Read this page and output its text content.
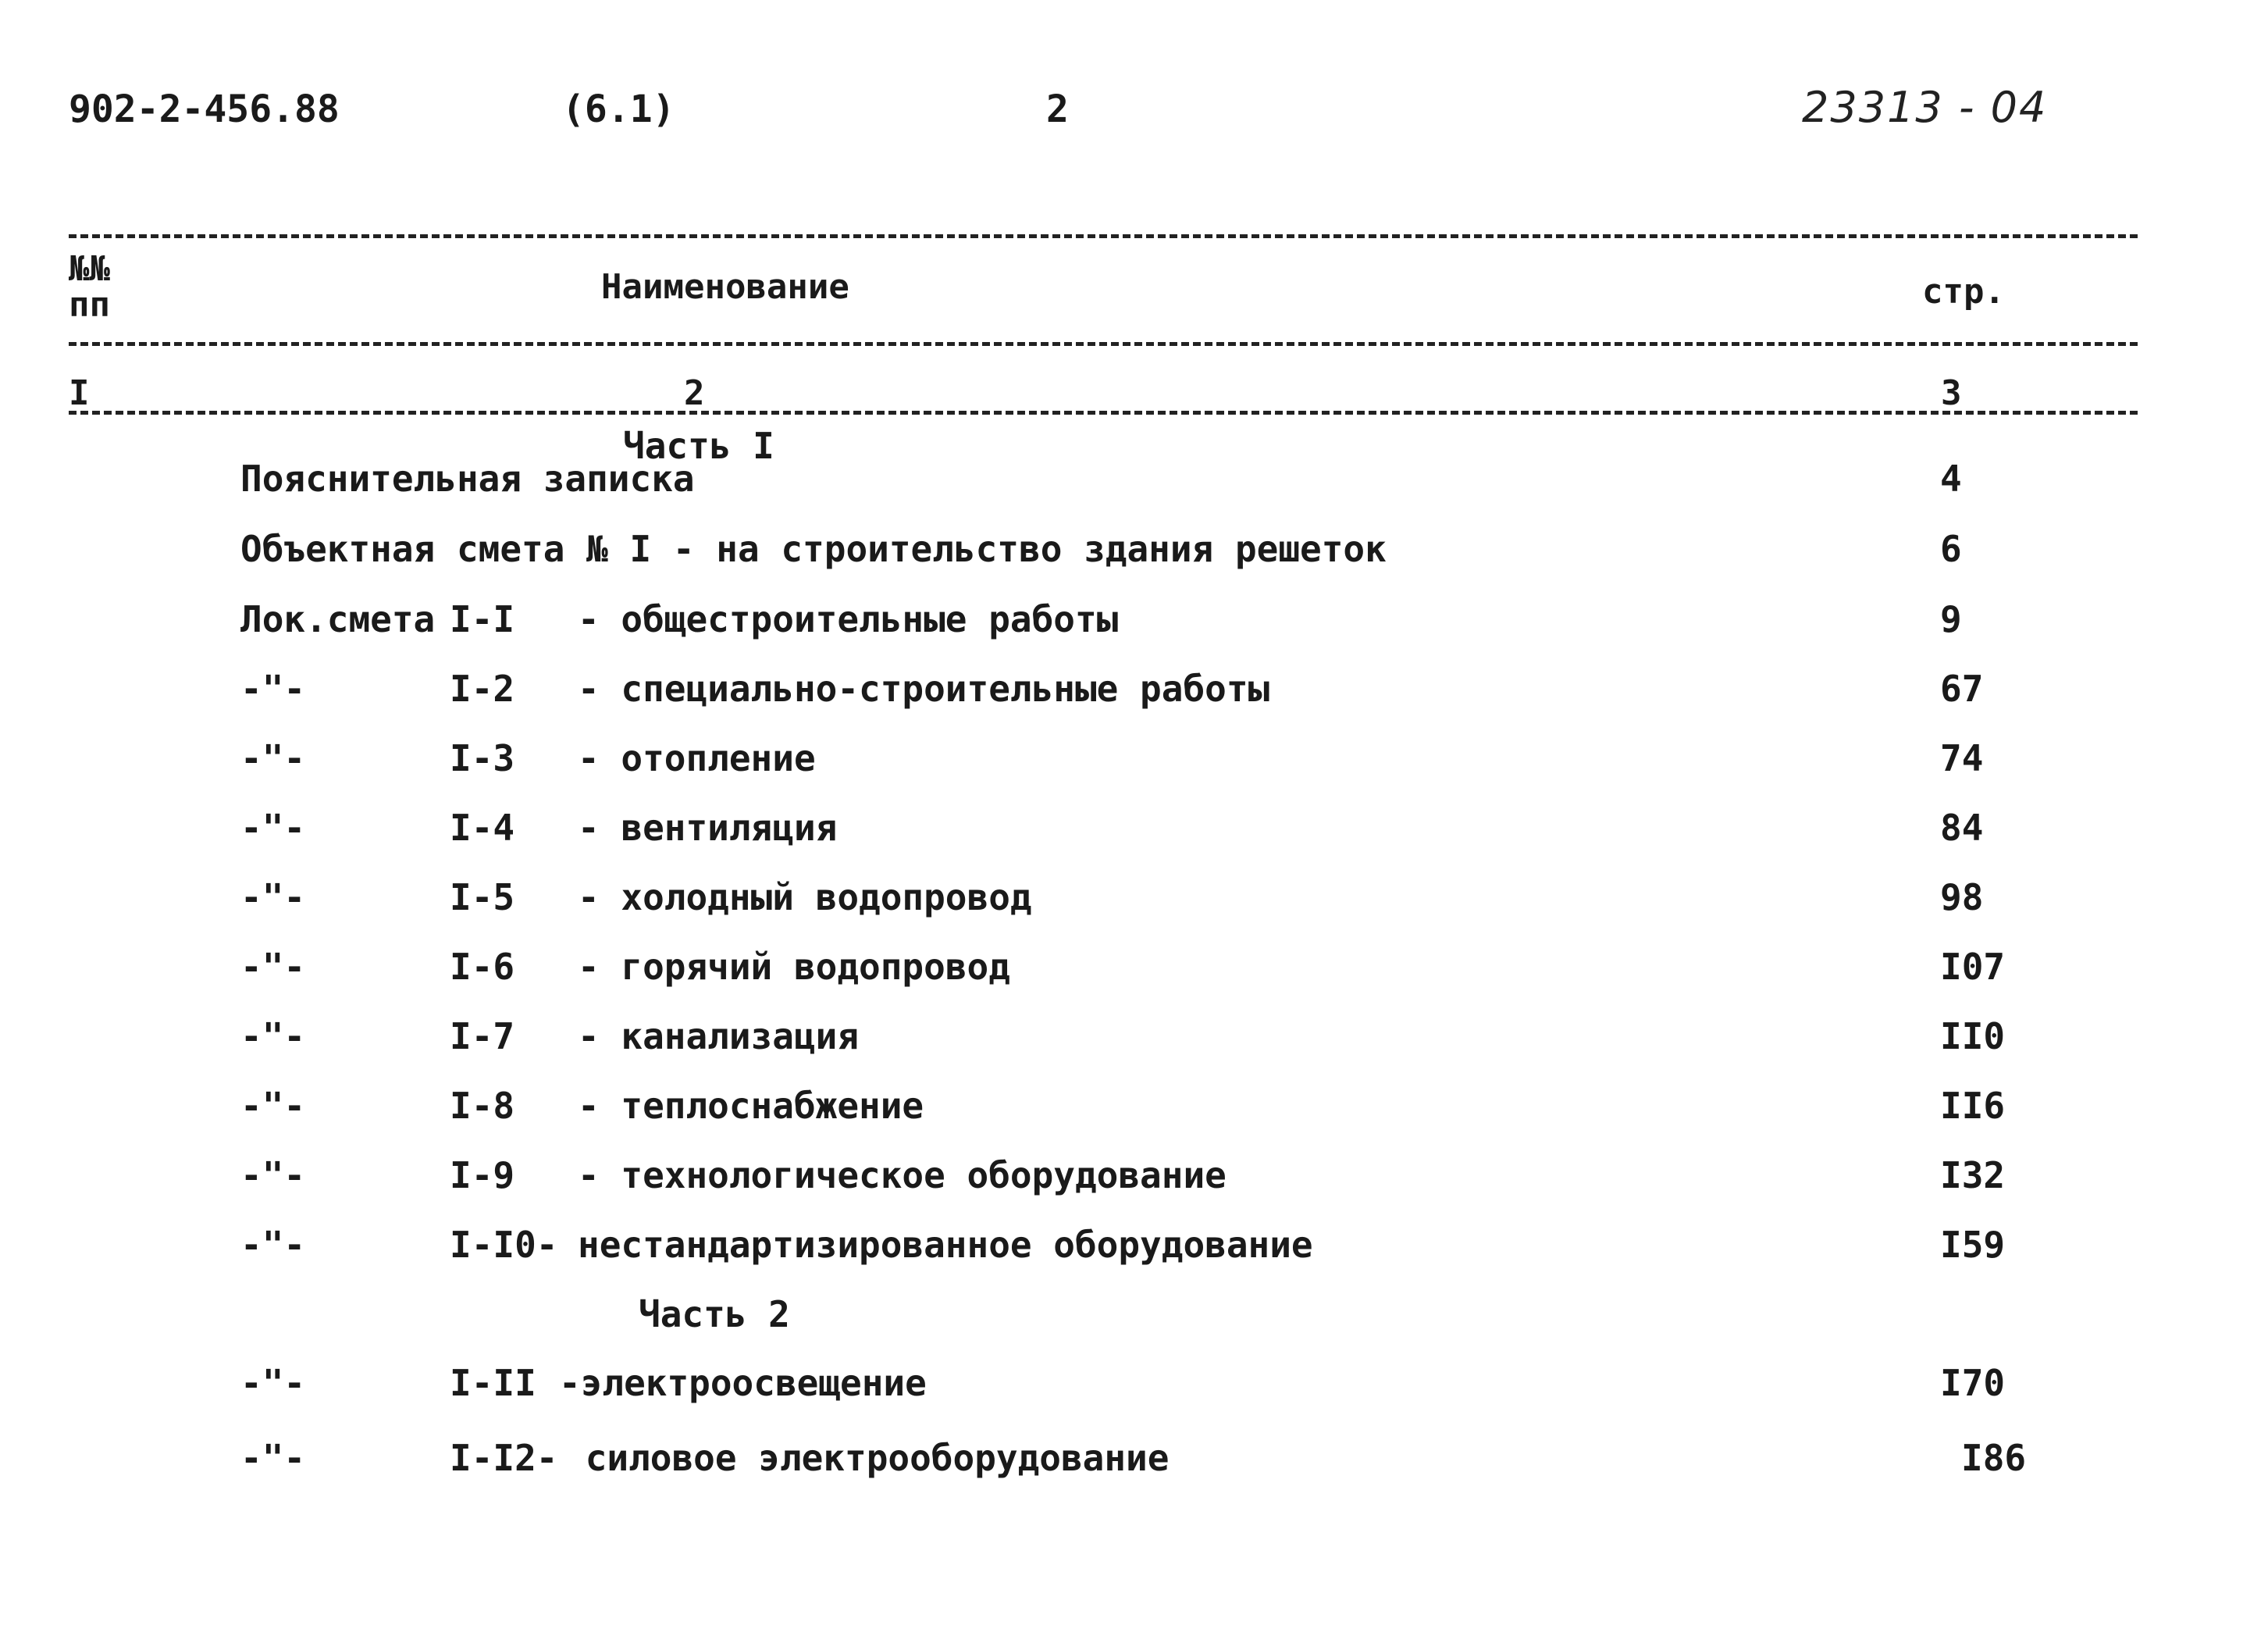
902-2-456.88	(6.1)	2	23313 - 04
№№
пп	Наименование	стр.
I	2	3
Часть I
Пояснительная записка	4
Объектная смета № I - на строительство здания решеток	6
Лок.смета I-I - общестроительные работы	9
-"-	I-2 - специально-строительные работы	67
-"-	I-3 - отопление	74
-"-	I-4 - вентиляция	84
-"-	I-5 - холодный водопровод	98
-"-	I-6 - горячий водопровод	I07
-"-	I-7 - канализация	II0
-"-	I-8 - теплоснабжение	II6
-"-	I-9 - технологическое оборудование	I32
-"-	I-I0- нестандартизированное оборудование	I59
Часть 2
-"-	I-II -электроосвещение	I70
-"-	I-I2- силовое электрооборудование	I86
